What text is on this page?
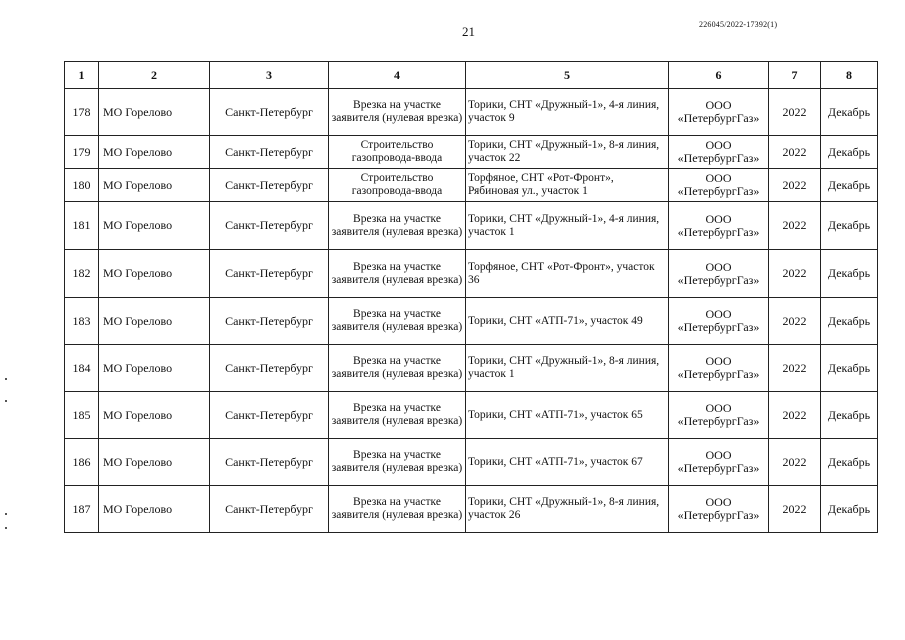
21	226045/2022-17392(1)
1	2	3	4	5	6	7	8
178	МО Горелово	Санкт-Петербург	Врезка на участке заявителя (нулевая врезка)	Торики, СНТ «Дружный-1», 4-я линия, участок 9	ООО «ПетербургГаз»	2022	Декабрь
179	МО Горелово	Санкт-Петербург	Строительство газопровода-ввода	Торики, СНТ «Дружный-1», 8-я линия, участок 22	ООО «ПетербургГаз»	2022	Декабрь
180	МО Горелово	Санкт-Петербург	Строительство газопровода-ввода	Торфяное, СНТ «Рот-Фронт», Рябиновая ул., участок 1	ООО «ПетербургГаз»	2022	Декабрь
181	МО Горелово	Санкт-Петербург	Врезка на участке заявителя (нулевая врезка)	Торики, СНТ «Дружный-1», 4-я линия, участок 1	ООО «ПетербургГаз»	2022	Декабрь
182	МО Горелово	Санкт-Петербург	Врезка на участке заявителя (нулевая врезка)	Торфяное, СНТ «Рот-Фронт», участок 36	ООО «ПетербургГаз»	2022	Декабрь
183	МО Горелово	Санкт-Петербург	Врезка на участке заявителя (нулевая врезка)	Торики, СНТ «АТП-71», участок 49	ООО «ПетербургГаз»	2022	Декабрь
184	МО Горелово	Санкт-Петербург	Врезка на участке заявителя (нулевая врезка)	Торики, СНТ «Дружный-1», 8-я линия, участок 1	ООО «ПетербургГаз»	2022	Декабрь
185	МО Горелово	Санкт-Петербург	Врезка на участке заявителя (нулевая врезка)	Торики, СНТ «АТП-71», участок 65	ООО «ПетербургГаз»	2022	Декабрь
186	МО Горелово	Санкт-Петербург	Врезка на участке заявителя (нулевая врезка)	Торики, СНТ «АТП-71», участок 67	ООО «ПетербургГаз»	2022	Декабрь
187	МО Горелово	Санкт-Петербург	Врезка на участке заявителя (нулевая врезка)	Торики, СНТ «Дружный-1», 8-я линия, участок 26	ООО «ПетербургГаз»	2022	Декабрь
